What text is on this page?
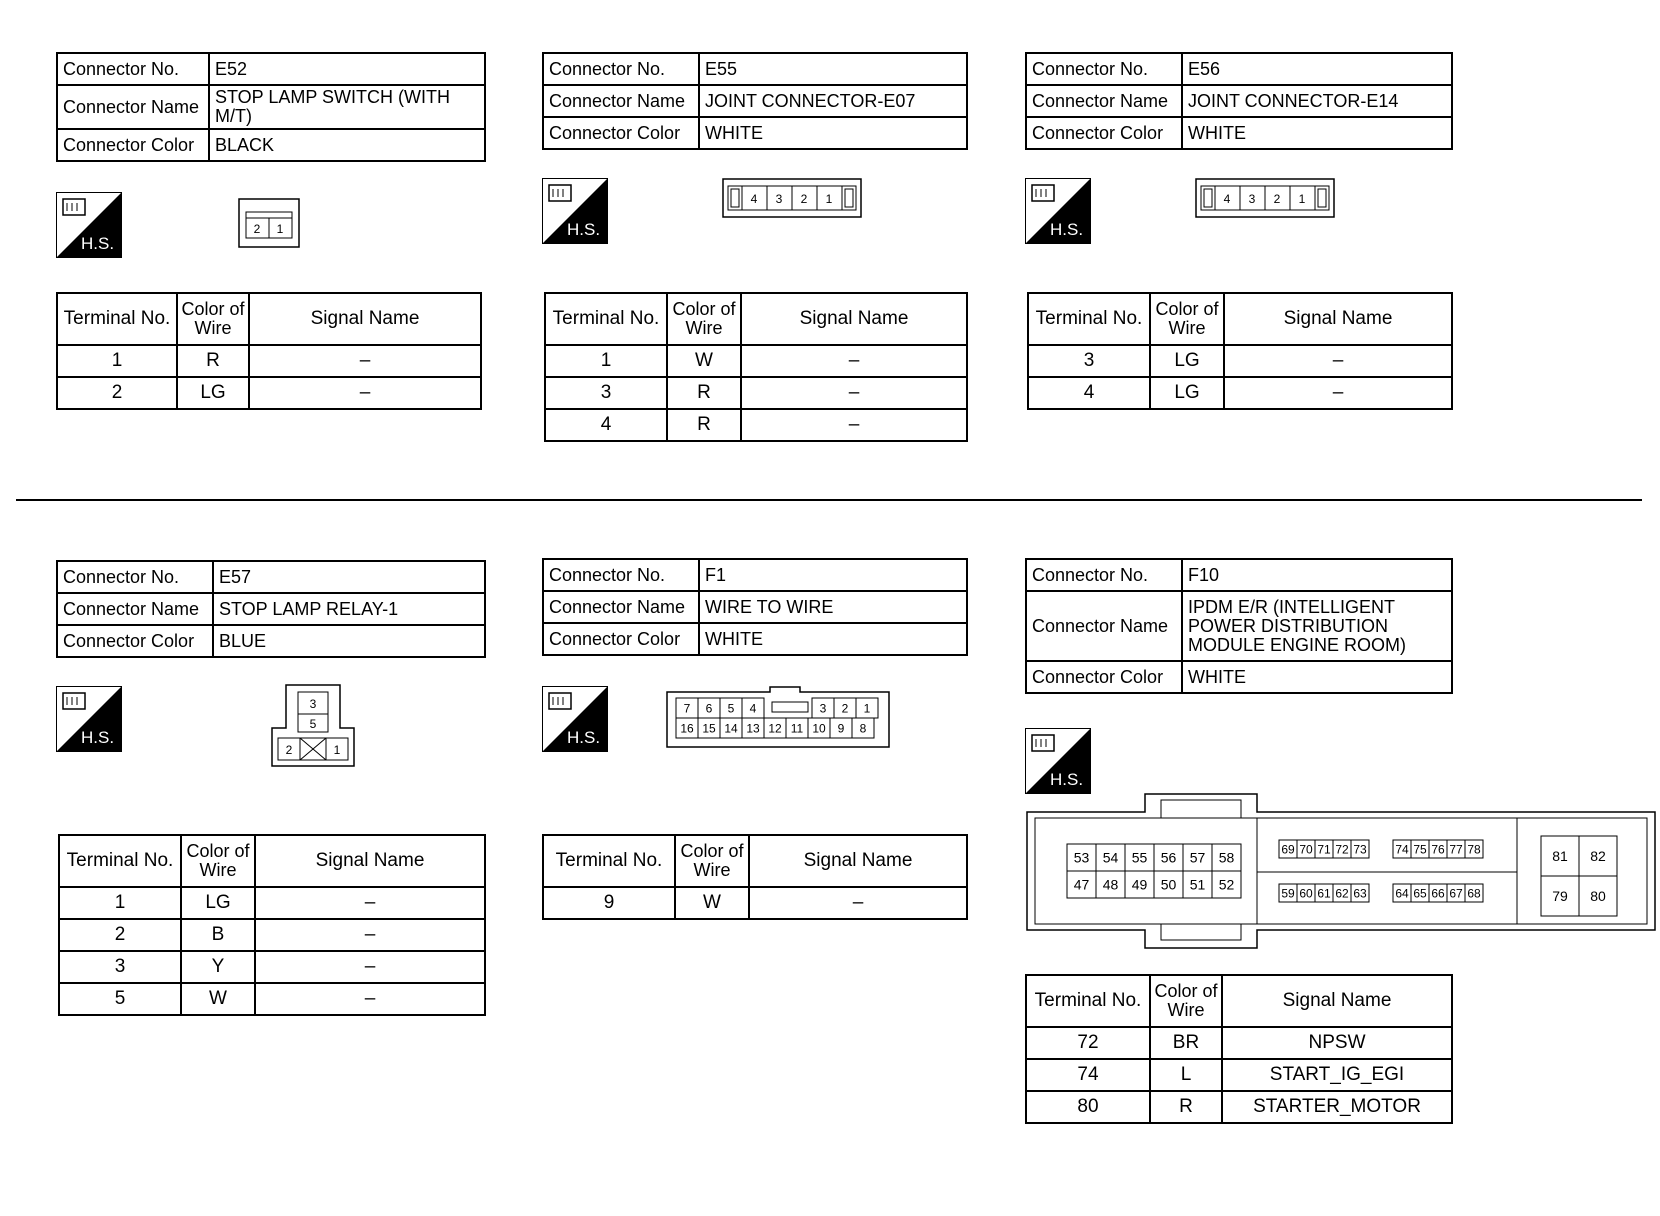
Connector No.	E52
Connector Name	STOP LAMP SWITCH (WITH M/T)
Connector Color	BLACK
H.S.
2 1
Terminal No.	Color of Wire	Signal Name
1	R	–
2	LG	–
Connector No.	E55
Connector Name	JOINT CONNECTOR-E07
Connector Color	WHITE
H.S.
4 3 2 1
Terminal No.	Color of Wire	Signal Name
1	W	–
3	R	–
4	R	–
Connector No.	E56
Connector Name	JOINT CONNECTOR-E14
Connector Color	WHITE
H.S.
4 3 2 1
Terminal No.	Color of Wire	Signal Name
3	LG	–
4	LG	–
Connector No.	E57
Connector Name	STOP LAMP RELAY-1
Connector Color	BLUE
H.S.
3
5
2	1
Terminal No.	Color of Wire	Signal Name
1	LG	–
2	B	–
3	Y	–
5	W	–
Connector No.	F1
Connector Name	WIRE TO WIRE
Connector Color	WHITE
H.S.
7 6 5 4	3 2 1
16 15 14 13 12 11 10 9 8
Terminal No.	Color of Wire	Signal Name
9	W	–
Connector No.	F10
Connector Name	IPDM E/R (INTELLIGENT POWER DISTRIBUTION MODULE ENGINE ROOM)
Connector Color	WHITE
H.S.
53 54 55 56 57 58
47 48 49 50 51 52
69 70 71 72 73 74 75 76 77 78
59 60 61 62 63 64 65 66 67 68
81 82
79 80
Terminal No.	Color of Wire	Signal Name
72	BR	NPSW
74	L	START_IG_EGI
80	R	STARTER_MOTOR
